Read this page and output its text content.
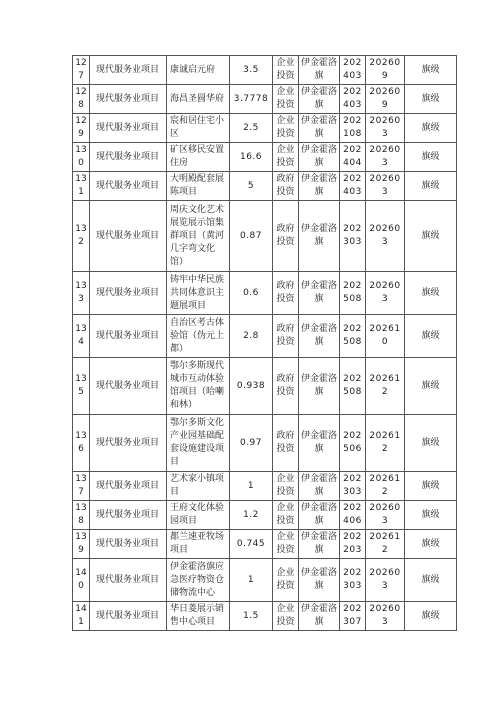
127	现代服务业项目	康诚启元府	3.5	企业投资	伊金霍洛旗	202403	202609	旗级
128	现代服务业项目	海昌圣圆华府	3.7778	企业投资	伊金霍洛旗	202403	202609	旗级
129	现代服务业项目	宸和居住宅小区	2.5	企业投资	伊金霍洛旗	202108	202603	旗级
130	现代服务业项目	矿区移民安置住房	16.6	企业投资	伊金霍洛旗	202404	202603	旗级
131	现代服务业项目	大明殿配套展陈项目	5	政府投资	伊金霍洛旗	202403	202603	旗级
132	现代服务业项目	周庆文化艺术展览展示馆集群项目（黄河几字弯文化馆）	0.87	政府投资	伊金霍洛旗	202303	202603	旗级
133	现代服务业项目	铸牢中华民族共同体意识主题展项目	0.6	政府投资	伊金霍洛旗	202508	202603	旗级
134	现代服务业项目	自治区考古体验馆（伪元上都）	2.8	政府投资	伊金霍洛旗	202508	202610	旗级
135	现代服务业项目	鄂尔多斯现代城市互动体验馆项目（哈喇和林）	0.938	政府投资	伊金霍洛旗	202508	202612	旗级
136	现代服务业项目	鄂尔多斯文化产业园基础配套设施建设项目	0.97	政府投资	伊金霍洛旗	202506	202612	旗级
137	现代服务业项目	艺术家小镇项目	1	企业投资	伊金霍洛旗	202303	202612	旗级
138	现代服务业项目	王府文化体验园项目	1.2	企业投资	伊金霍洛旗	202406	202603	旗级
139	现代服务业项目	都兰速亚牧场项目	0.745	企业投资	伊金霍洛旗	202203	202612	旗级
140	现代服务业项目	伊金霍洛旗应急医疗物资仓储物流中心	1	企业投资	伊金霍洛旗	202303	202603	旗级
141	现代服务业项目	华日菱展示销售中心项目	1.5	企业投资	伊金霍洛旗	202307	202603	旗级
